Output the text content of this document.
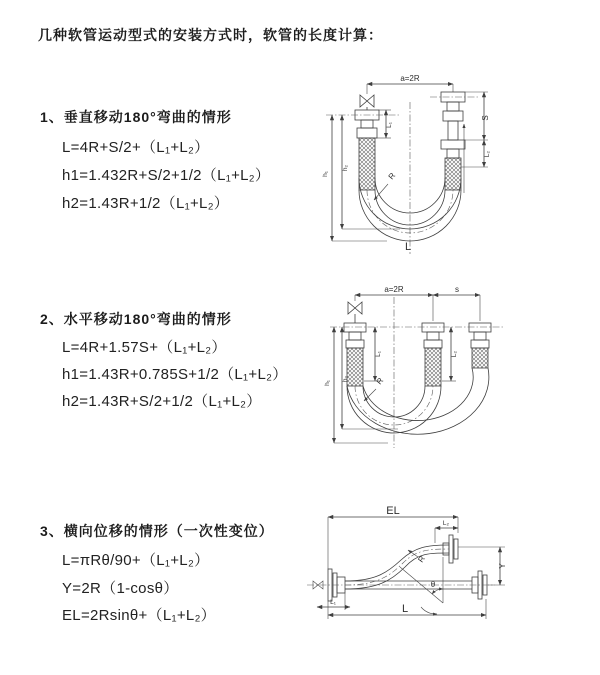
几种软管运动型式的安装方式时，软管的长度计算：
1、垂直移动180°弯曲的情形
L=4R+S/2+（L₁+L₂）
h1=1.432R+S/2+1/2（L₁+L₂）
h2=1.43R+1/2（L₁+L₂）
2、水平移动180°弯曲的情形
L=4R+1.57S+（L₁+L₂）
h1=1.43R+0.785S+1/2（L₁+L₂）
h2=1.43R+S/2+1/2（L₁+L₂）
3、横向位移的情形（一次性变位）
L=πRθ/90+（L₁+L₂）
Y=2R（1-cosθ）
EL=2Rsinθ+（L₁+L₂）
a=2R
S
L₂
L₁
h₁
h₂
R
L
a=2R	s
L₁	L₂
h₁
h₂	R
EL
L₂
Y
R
θ
L
L₁
